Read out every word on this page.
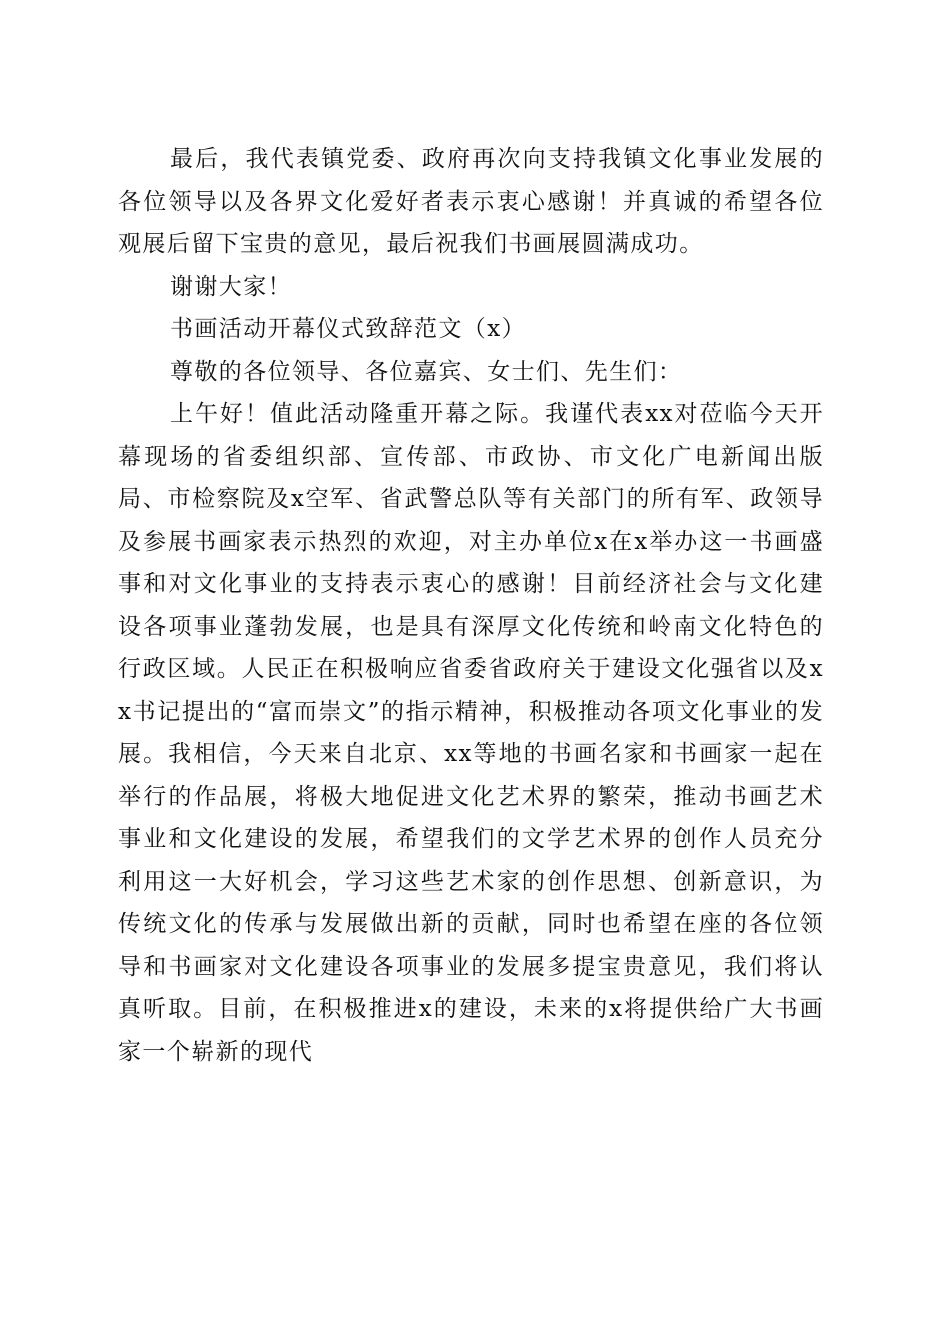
最后，我代表镇党委、政府再次向支持我镇文化事业发展的各位领导以及各界文化爱好者表示衷心感谢！并真诚的希望各位观展后留下宝贵的意见，最后祝我们书画展圆满成功。

谢谢大家！

书画活动开幕仪式致辞范文（x）

尊敬的各位领导、各位嘉宾、女士们、先生们：

上午好！值此活动隆重开幕之际。我谨代表xx对莅临今天开幕现场的省委组织部、宣传部、市政协、市文化广电新闻出版局、市检察院及x空军、省武警总队等有关部门的所有军、政领导及参展书画家表示热烈的欢迎，对主办单位x在x举办这一书画盛事和对文化事业的支持表示衷心的感谢！目前经济社会与文化建设各项事业蓬勃发展，也是具有深厚文化传统和岭南文化特色的行政区域。人民正在积极响应省委省政府关于建设文化强省以及xx书记提出的“富而崇文”的指示精神，积极推动各项文化事业的发展。我相信，今天来自北京、xx等地的书画名家和书画家一起在举行的作品展，将极大地促进文化艺术界的繁荣，推动书画艺术事业和文化建设的发展，希望我们的文学艺术界的创作人员充分利用这一大好机会，学习这些艺术家的创作思想、创新意识，为传统文化的传承与发展做出新的贡献，同时也希望在座的各位领导和书画家对文化建设各项事业的发展多提宝贵意见，我们将认真听取。目前，在积极推进x的建设，未来的x将提供给广大书画家一个崭新的现代
